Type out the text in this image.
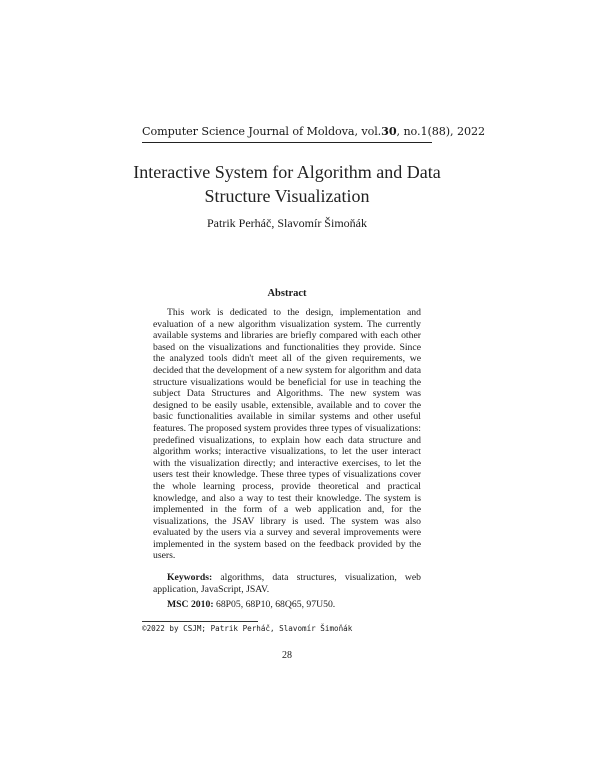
Computer Science Journal of Moldova, vol.30, no.1(88), 2022
Interactive System for Algorithm and Data Structure Visualization
Patrik Perháč, Slavomír Šimoňák
Abstract
This work is dedicated to the design, implementation and evaluation of a new algorithm visualization system. The currently available systems and libraries are briefly compared with each other based on the visualizations and functionalities they provide. Since the analyzed tools didn't meet all of the given requirements, we decided that the development of a new system for algorithm and data structure visualizations would be beneficial for use in teaching the subject Data Structures and Algorithms. The new system was designed to be easily usable, extensible, available and to cover the basic functionalities available in similar systems and other useful features. The proposed system provides three types of visualizations: predefined visualizations, to explain how each data structure and algorithm works; interactive visualizations, to let the user interact with the visualization directly; and interactive exercises, to let the users test their knowledge. These three types of visualizations cover the whole learning process, provide theoretical and practical knowledge, and also a way to test their knowledge. The system is implemented in the form of a web application and, for the visualizations, the JSAV library is used. The system was also evaluated by the users via a survey and several improvements were implemented in the system based on the feedback provided by the users.
Keywords: algorithms, data structures, visualization, web application, JavaScript, JSAV.
MSC 2010: 68P05, 68P10, 68Q65, 97U50.
©2022 by CSJM; Patrik Perháč, Slavomír Šimoňák
28
